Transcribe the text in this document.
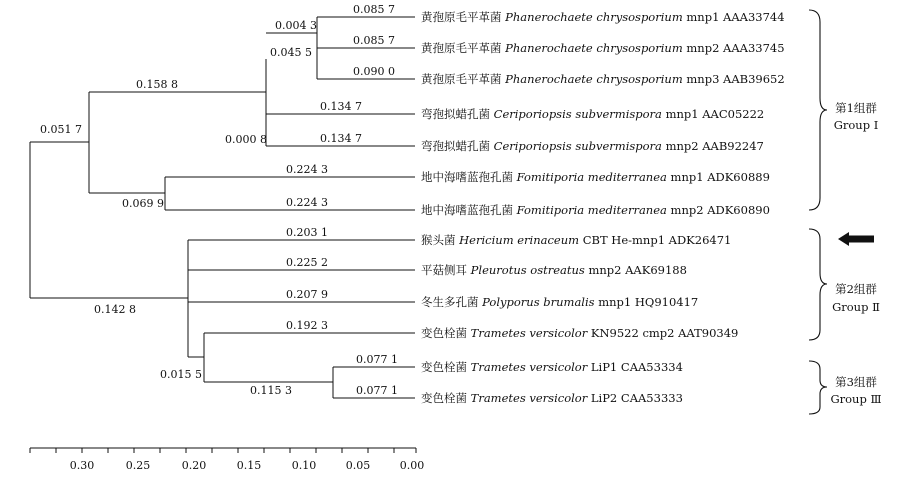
0.085 7
0.085 7
0.090 0
0.134 7
0.134 7
0.224 3
0.224 3
0.203 1
0.225 2
0.207 9
0.192 3
0.077 1
0.077 1
0.004 3
0.045 5
0.000 8
0.158 8
0.069 9
0.051 7
0.115 3
0.015 5
0.142 8
黄孢原毛平革菌 Phanerochaete chrysosporium mnp1 AAA33744
黄孢原毛平革菌 Phanerochaete chrysosporium mnp2 AAA33745
黄孢原毛平革菌 Phanerochaete chrysosporium mnp3 AAB39652
弯孢拟蜡孔菌 Ceriporiopsis subvermispora mnp1 AAC05222
弯孢拟蜡孔菌 Ceriporiopsis subvermispora mnp2 AAB92247
地中海嗜蓝孢孔菌 Fomitiporia mediterranea mnp1 ADK60889
地中海嗜蓝孢孔菌 Fomitiporia mediterranea mnp2 ADK60890
猴头菌 Hericium erinaceum CBT He-mnp1 ADK26471
平菇侧耳 Pleurotus ostreatus mnp2 AAK69188
冬生多孔菌 Polyporus brumalis mnp1 HQ910417
变色栓菌 Trametes versicolor KN9522 cmp2 AAT90349
变色栓菌 Trametes versicolor LiP1 CAA53334
变色栓菌 Trametes versicolor LiP2 CAA53333
第1组群
Group Ⅰ
第2组群
Group Ⅱ
第3组群
Group Ⅲ
0.30	0.25	0.20	0.15	0.10	0.05	0.00
